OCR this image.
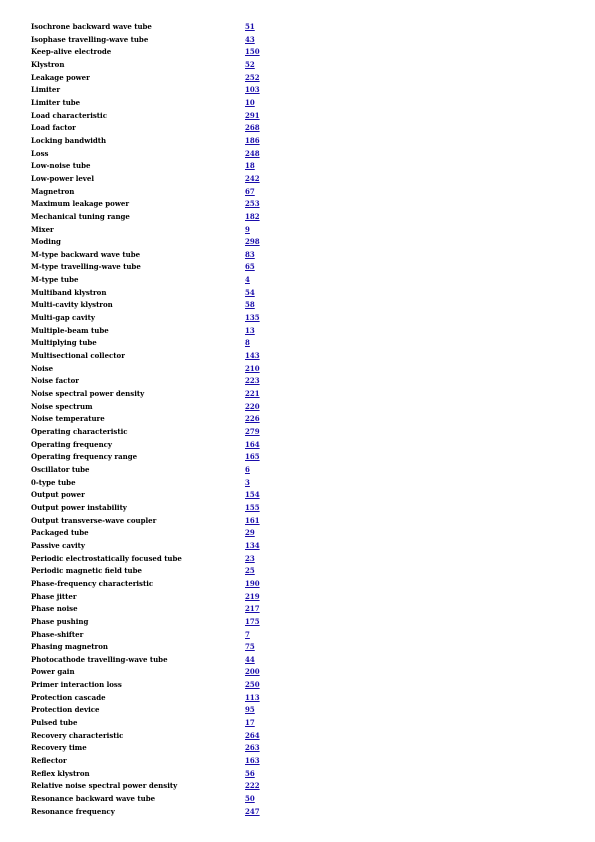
Isochrone backward wave tube	51
Isophase travelling-wave tube	43
Keep-alive electrode	150
Klystron	52
Leakage power	252
Limiter	103
Limiter tube	10
Load characteristic	291
Load factor	268
Locking bandwidth	186
Loss	248
Low-noise tube	18
Low-power level	242
Magnetron	67
Maximum leakage power	253
Mechanical tuning range	182
Mixer	9
Moding	298
M-type backward wave tube	83
M-type travelling-wave tube	65
M-type tube	4
Multiband klystron	54
Multi-cavity klystron	58
Multi-gap cavity	135
Multiple-beam tube	13
Multiplying tube	8
Multisectional collector	143
Noise	210
Noise factor	223
Noise spectral power density	221
Noise spectrum	220
Noise temperature	226
Operating characteristic	279
Operating frequency	164
Operating frequency range	165
Oscillator tube	6
0-type tube	3
Output power	154
Output power instability	155
Output transverse-wave coupler	161
Packaged tube	29
Passive cavity	134
Periodic electrostatically focused tube	23
Periodic magnetic field tube	25
Phase-frequency characteristic	190
Phase jitter	219
Phase noise	217
Phase pushing	175
Phase-shifter	7
Phasing magnetron	75
Photocathode travelling-wave tube	44
Power gain	200
Primer interaction loss	250
Protection cascade	113
Protection device	95
Pulsed tube	17
Recovery characteristic	264
Recovery time	263
Reflector	163
Reflex klystron	56
Relative noise spectral power density	222
Resonance backward wave tube	50
Resonance frequency	247
